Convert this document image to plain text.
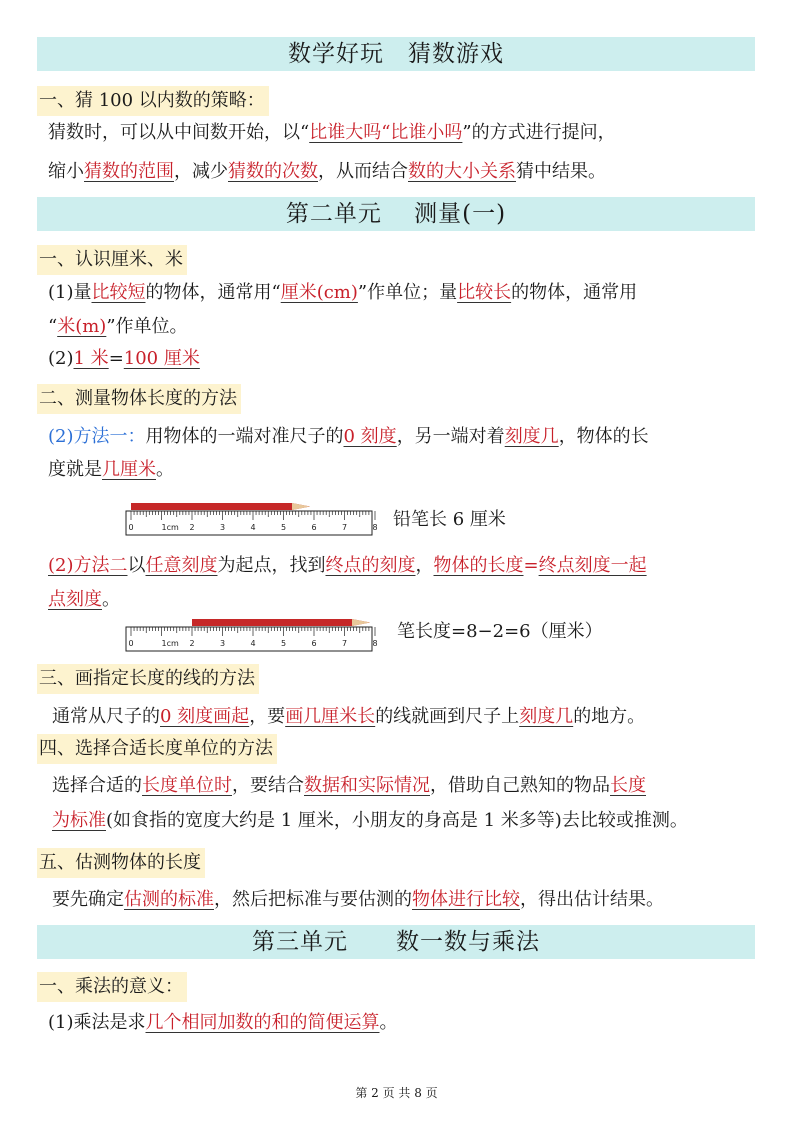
数学好玩　猜数游戏
一、猜 100 以内数的策略：
猜数时，可以从中间数开始，以“比谁大吗“比谁小吗”的方式进行提问，
缩小猜数的范围，减少猜数的次数，从而结合数的大小关系猜中结果。
第二单元　 测量(一)
一、认识厘米、米
(1)量比较短的物体，通常用“厘米(cm)”作单位；量比较长的物体，通常用
“米(m)”作单位。
(2)1 米=100 厘米
二、测量物体长度的方法
(2)方法一：用物体的一端对准尺子的0 刻度，另一端对着刻度几，物体的长
度就是几厘米。
0	1cm 2	3	4	5	6	7	8 铅笔长 6 厘米
(2)方法二以任意刻度为起点，找到终点的刻度，物体的长度=终点刻度一起
点刻度。
0	1cm 2	3	4	5	6	7	8
笔长度=8−2=6（厘米）
三、画指定长度的线的方法
通常从尺子的0 刻度画起，要画几厘米长的线就画到尺子上刻度几的地方。
四、选择合适长度单位的方法
选择合适的长度单位时，要结合数据和实际情况，借助自己熟知的物品长度
为标准(如食指的宽度大约是 1 厘米，小朋友的身高是 1 米多等)去比较或推测。
五、估测物体的长度
要先确定估测的标准，然后把标准与要估测的物体进行比较，得出估计结果。
第三单元　　数一数与乘法
一、乘法的意义：
(1)乘法是求几个相同加数的和的简便运算。
第 2 页 共 8 页
